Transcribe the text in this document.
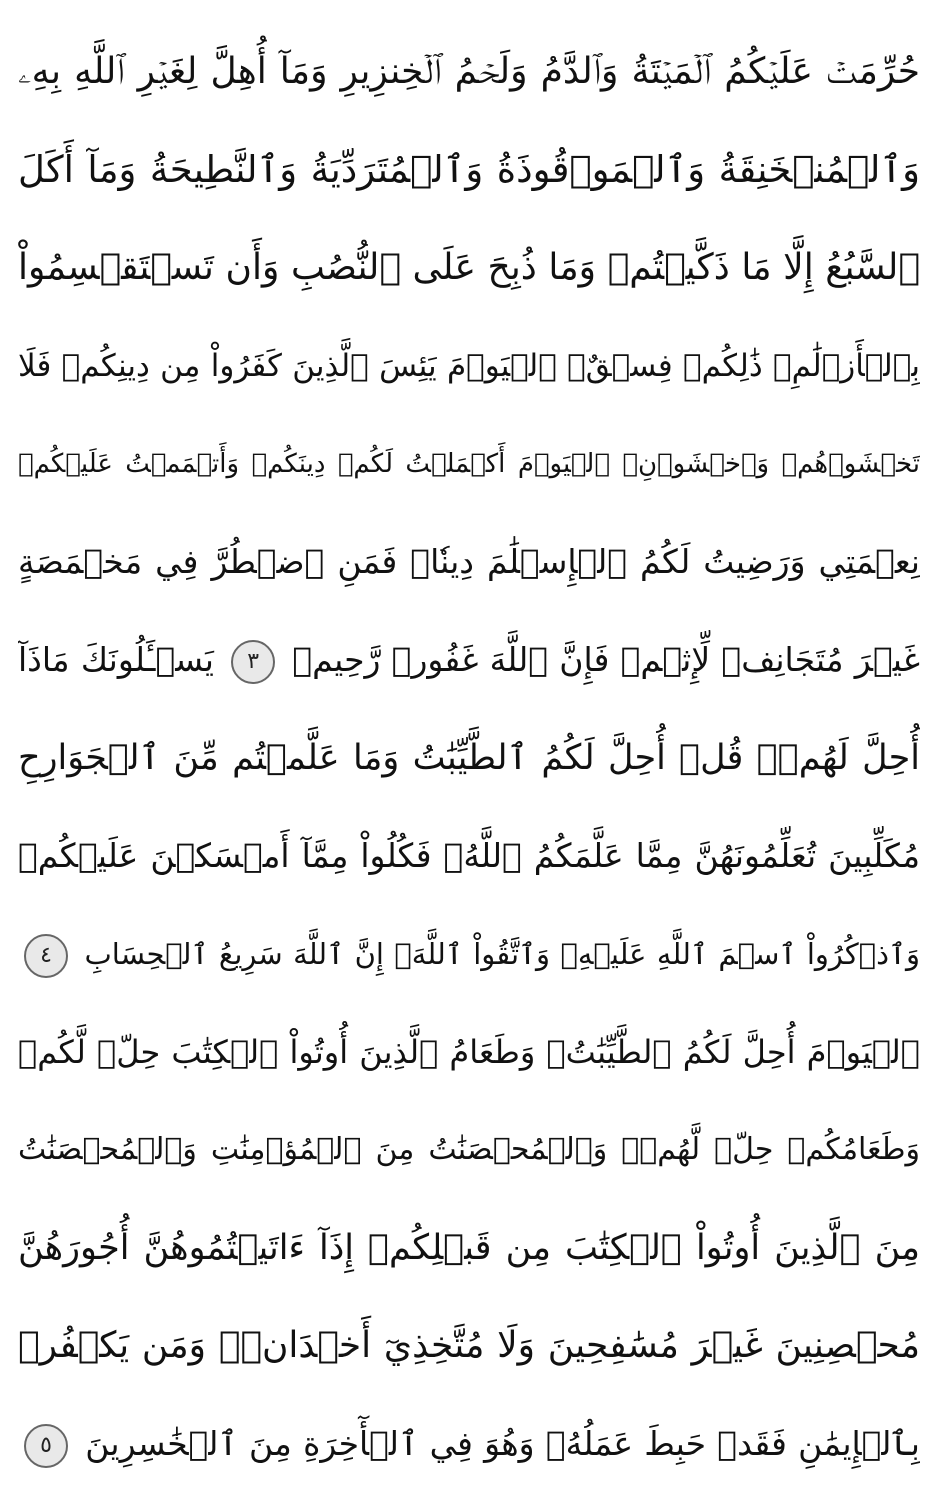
حُرِّمَتۡ عَلَيۡكُمُ ٱلۡمَيۡتَةُ وَٱلدَّمُ وَلَحۡمُ ٱلۡخِنزِيرِ وَمَآ أُهِلَّ لِغَيۡرِ ٱللَّهِ بِهِۦ
وَٱلۡمُنۡخَنِقَةُ وَٱلۡمَوۡقُوذَةُ وَٱلۡمُتَرَدِّيَةُ وَٱلنَّطِيحَةُ وَمَآ أَكَلَ
ٱلسَّبُعُ إِلَّا مَا ذَكَّيۡتُمۡ وَمَا ذُبِحَ عَلَى ٱلنُّصُبِ وَأَن تَسۡتَقۡسِمُواْ
بِٱلۡأَزۡلَٰمِۚ ذَٰلِكُمۡ فِسۡقٌۗ ٱلۡيَوۡمَ يَئِسَ ٱلَّذِينَ كَفَرُواْ مِن دِينِكُمۡ فَلَا
تَخۡشَوۡهُمۡ وَٱخۡشَوۡنِۚ ٱلۡيَوۡمَ أَكۡمَلۡتُ لَكُمۡ دِينَكُمۡ وَأَتۡمَمۡتُ عَلَيۡكُمۡ
نِعۡمَتِي وَرَضِيتُ لَكُمُ ٱلۡإِسۡلَٰمَ دِينٗاۚ فَمَنِ ٱضۡطُرَّ فِي مَخۡمَصَةٍ
غَيۡرَ مُتَجَانِفٖ لِّإِثۡمٖ فَإِنَّ ٱللَّهَ غَفُورٞ رَّحِيمٞ ٣ يَسۡـَٔلُونَكَ مَاذَآ
أُحِلَّ لَهُمۡۖ قُلۡ أُحِلَّ لَكُمُ ٱلطَّيِّبَٰتُ وَمَا عَلَّمۡتُم مِّنَ ٱلۡجَوَارِحِ
مُكَلِّبِينَ تُعَلِّمُونَهُنَّ مِمَّا عَلَّمَكُمُ ٱللَّهُۖ فَكُلُواْ مِمَّآ أَمۡسَكۡنَ عَلَيۡكُمۡ
وَٱذۡكُرُواْ ٱسۡمَ ٱللَّهِ عَلَيۡهِۖ وَٱتَّقُواْ ٱللَّهَۚ إِنَّ ٱللَّهَ سَرِيعُ ٱلۡحِسَابِ ٤
ٱلۡيَوۡمَ أُحِلَّ لَكُمُ ٱلطَّيِّبَٰتُۖ وَطَعَامُ ٱلَّذِينَ أُوتُواْ ٱلۡكِتَٰبَ حِلّٞ لَّكُمۡ
وَطَعَامُكُمۡ حِلّٞ لَّهُمۡۖ وَٱلۡمُحۡصَنَٰتُ مِنَ ٱلۡمُؤۡمِنَٰتِ وَٱلۡمُحۡصَنَٰتُ
مِنَ ٱلَّذِينَ أُوتُواْ ٱلۡكِتَٰبَ مِن قَبۡلِكُمۡ إِذَآ ءَاتَيۡتُمُوهُنَّ أُجُورَهُنَّ
مُحۡصِنِينَ غَيۡرَ مُسَٰفِحِينَ وَلَا مُتَّخِذِيٓ أَخۡدَانٖۗ وَمَن يَكۡفُرۡ
بِٱلۡإِيمَٰنِ فَقَدۡ حَبِطَ عَمَلُهُۥ وَهُوَ فِي ٱلۡأٓخِرَةِ مِنَ ٱلۡخَٰسِرِينَ ٥
